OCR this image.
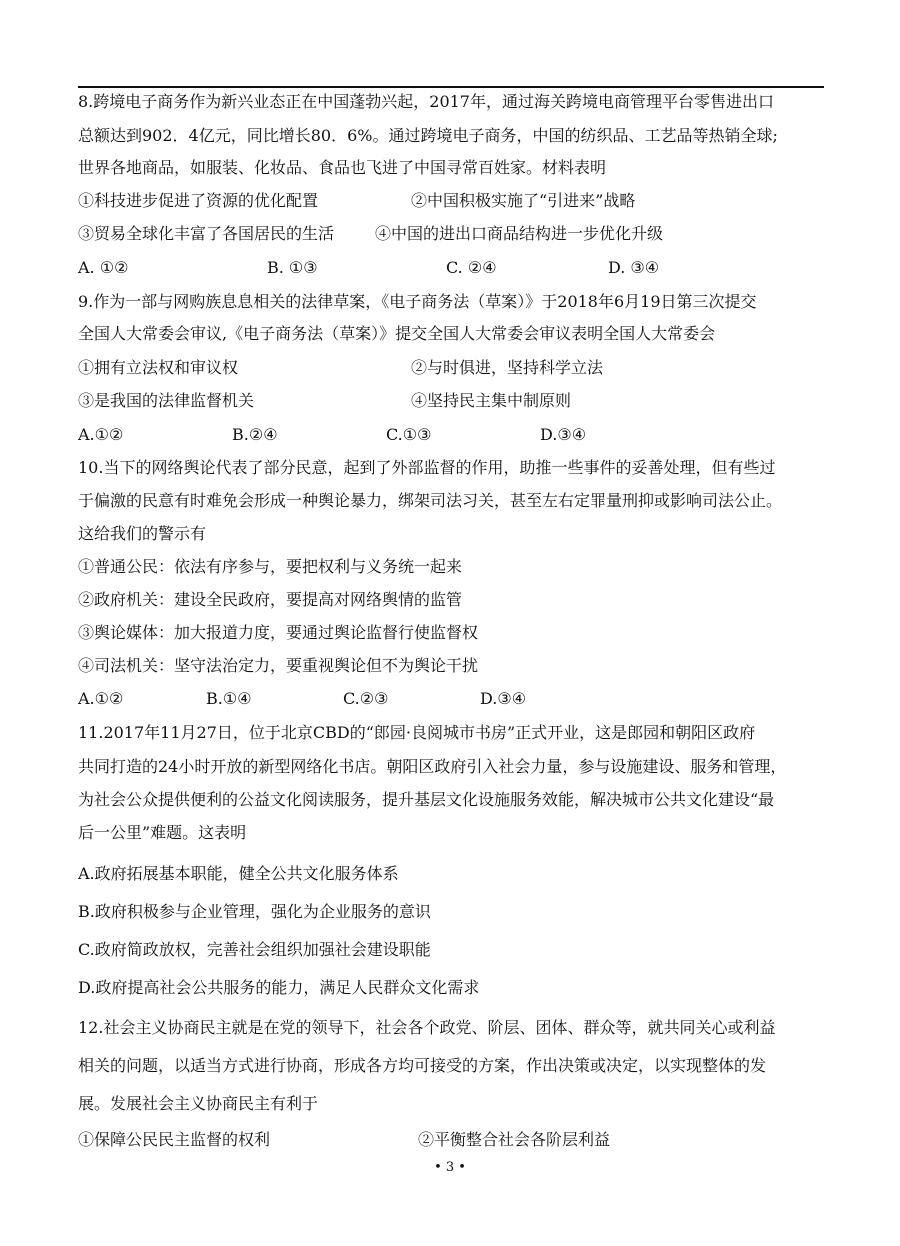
8.跨境电子商务作为新兴业态正在中国蓬勃兴起，2017年，通过海关跨境电商管理平台零售进出口
总额达到902．4亿元，同比增长80．6%。通过跨境电子商务，中国的纺织品、工艺品等热销全球;
世界各地商品，如服装、化妆品、食品也飞进了中国寻常百姓家。材料表明
①科技进步促进了资源的优化配置	②中国积极实施了“引进来”战略
③贸易全球化丰富了各国居民的生活	④中国的进出口商品结构进一步优化升级
A. ①②	B. ①③	C. ②④	D. ③④
9.作为一部与网购族息息相关的法律草案，《电子商务法（草案）》于2018年6月19日第三次提交
全国人大常委会审议,《电子商务法（草案）》提交全国人大常委会审议表明全国人大常委会
①拥有立法权和审议权	②与时俱进，坚持科学立法
③是我国的法律监督机关	④坚持民主集中制原则
A.①②	B.②④	C.①③	D.③④
10.当下的网络舆论代表了部分民意，起到了外部监督的作用，助推一些事件的妥善处理，但有些过
于偏激的民意有时难免会形成一种舆论暴力，绑架司法习关，甚至左右定罪量刑抑或影响司法公止。
这给我们的警示有
①普通公民：依法有序参与，要把权利与义务统一起来
②政府机关：建设全民政府，要提高对网络舆情的监管
③舆论媒体：加大报道力度，要通过舆论监督行使监督权
④司法机关：坚守法治定力，要重视舆论但不为舆论干扰
A.①②	B.①④	C.②③	D.③④
11.2017年11月27日，位于北京CBD的“郎园·良阅城市书房”正式开业，这是郎园和朝阳区政府
共同打造的24小时开放的新型网络化书店。朝阳区政府引入社会力量，参与设施建设、服务和管理，
为社会公众提供便利的公益文化阅读服务，提升基层文化设施服务效能，解决城市公共文化建设“最
后一公里”难题。这表明
A.政府拓展基本职能，健全公共文化服务体系
B.政府积极参与企业管理，强化为企业服务的意识
C.政府简政放权，完善社会组织加强社会建设职能
D.政府提高社会公共服务的能力，满足人民群众文化需求
12.社会主义协商民主就是在党的领导下，社会各个政党、阶层、团体、群众等，就共同关心或利益
相关的问题，以适当方式进行协商，形成各方均可接受的方案，作出决策或决定，以实现整体的发
展。发展社会主义协商民主有利于
①保障公民民主监督的权利	②平衡整合社会各阶层利益
• 3 •
